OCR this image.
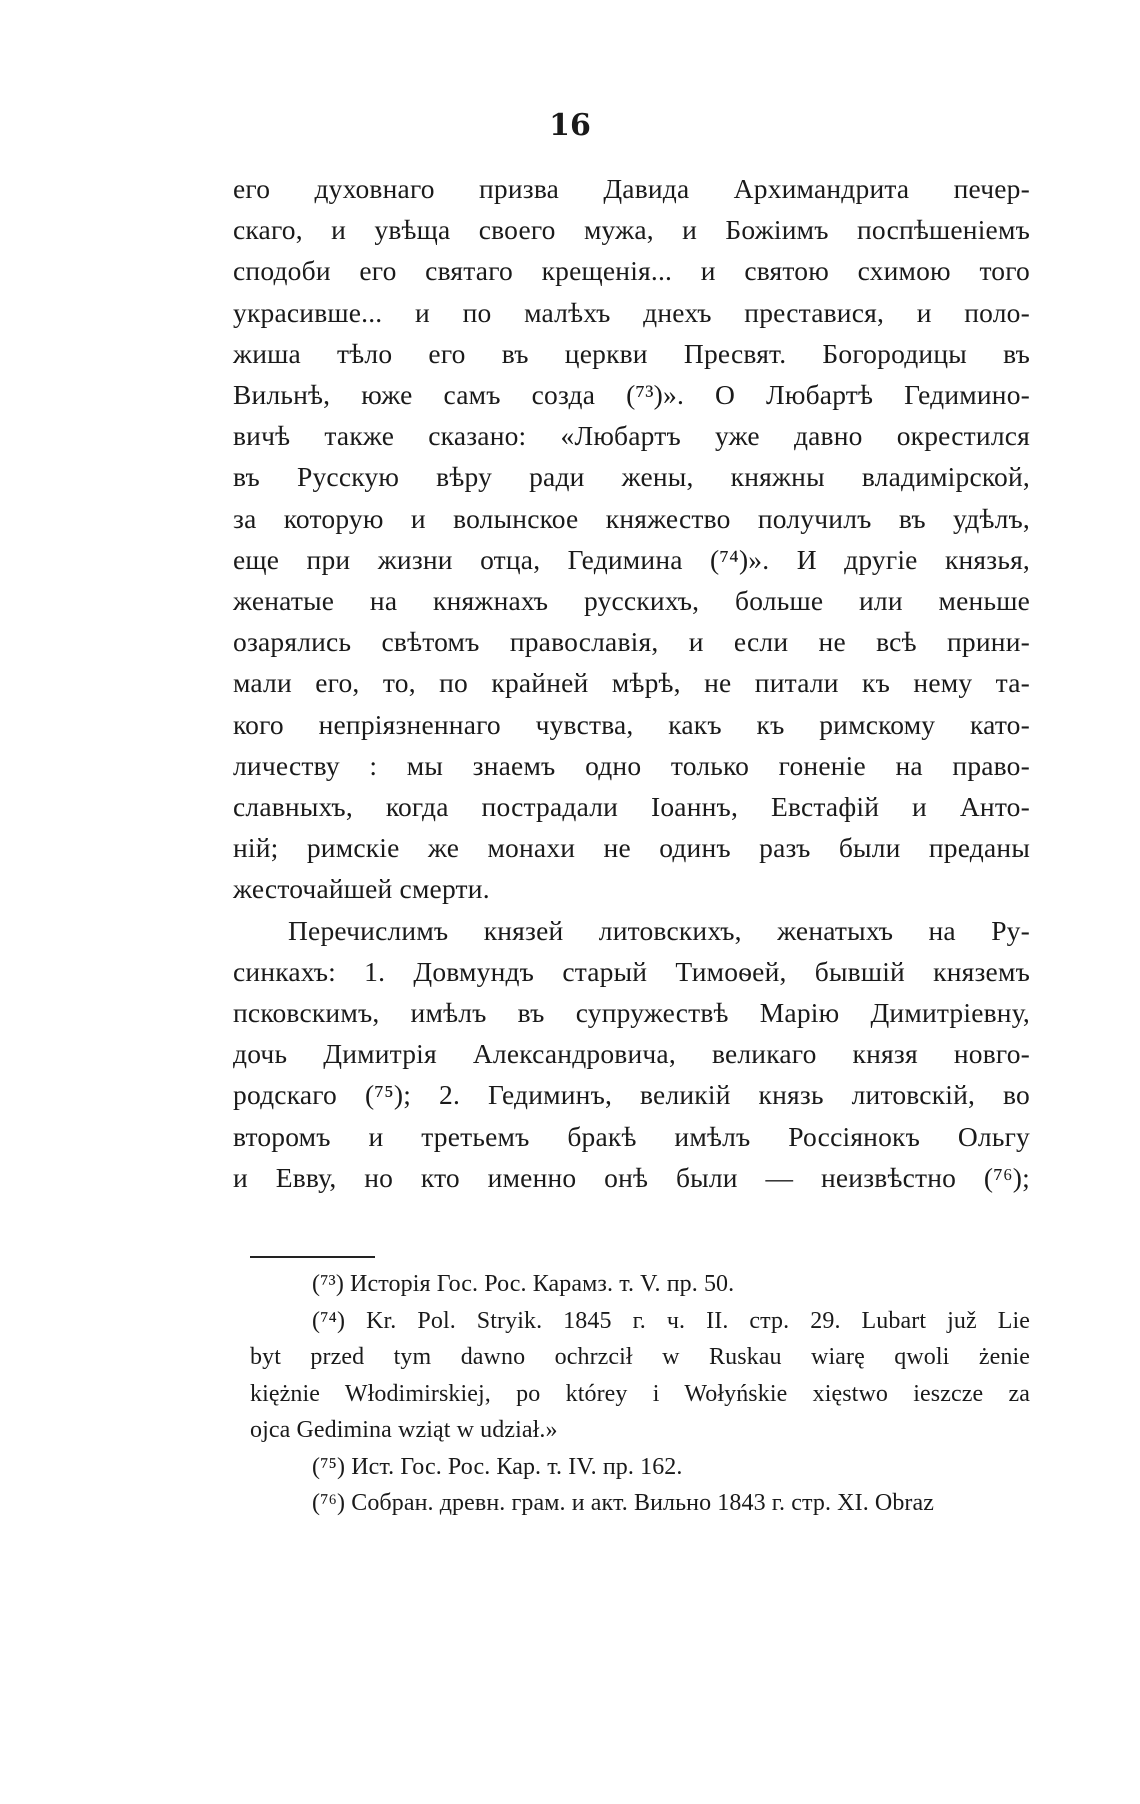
16
его духовнаго призва Давида Архимандрита печер-
скаго, и увѣща своего мужа, и Божіимъ поспѣшеніемъ
сподоби его святаго крещенія... и святою схимою того
украсивше... и по малѣхъ днехъ преставися, и поло-
жиша тѣло его въ церкви Пресвят. Богородицы въ
Вильнѣ, юже самъ созда (⁷³)». О Любартѣ Гедимино-
вичѣ также сказано: «Любартъ уже давно окрестился
въ Русскую вѣру ради жены, княжны владимірской,
за которую и волынское княжество получилъ въ удѣлъ,
еще при жизни отца, Гедимина (⁷⁴)». И другіе князья,
женатые на княжнахъ русскихъ, больше или меньше
озарялись свѣтомъ православія, и если не всѣ прини-
мали его, то, по крайней мѣрѣ, не питали къ нему та-
кого непріязненнаго чувства, какъ къ римскому като-
личеству : мы знаемъ одно только гоненіе на право-
славныхъ, когда пострадали Іоаннъ, Евстафій и Анто-
ній; римскіе же монахи не одинъ разъ были преданы
жесточайшей смерти.
Перечислимъ князей литовскихъ, женатыхъ на Ру-
синкахъ: 1. Довмундъ старый Тимоѳей, бывшій княземъ
псковскимъ, имѣлъ въ супружествѣ Марію Димитріевну,
дочь Димитрія Александровича, великаго князя новго-
родскаго (⁷⁵); 2. Гедиминъ, великій князь литовскій, во
второмъ и третьемъ бракѣ имѣлъ Россіянокъ Ольгу
и Евву, но кто именно онѣ были — неизвѣстно (⁷⁶);
(⁷³) Исторія Гос. Рос. Карамз. т. V. пр. 50.
(⁷⁴) Kr. Pol. Stryik. 1845 г. ч. II. стр. 29. Lubart juž Lie
byt przed tym dawno ochrzcił w Ruskau wiarę qwoli żenie
kiężnie Włodimirskiej, po którey i Wołyńskie xięstwo ieszcze za
ojca Gedimina wziąt w udział.»
(⁷⁵) Ист. Гос. Рос. Кар. т. IV. пр. 162.
(⁷⁶) Собран. древн. грам. и акт. Вильно 1843 г. стр. XI. Obraz
